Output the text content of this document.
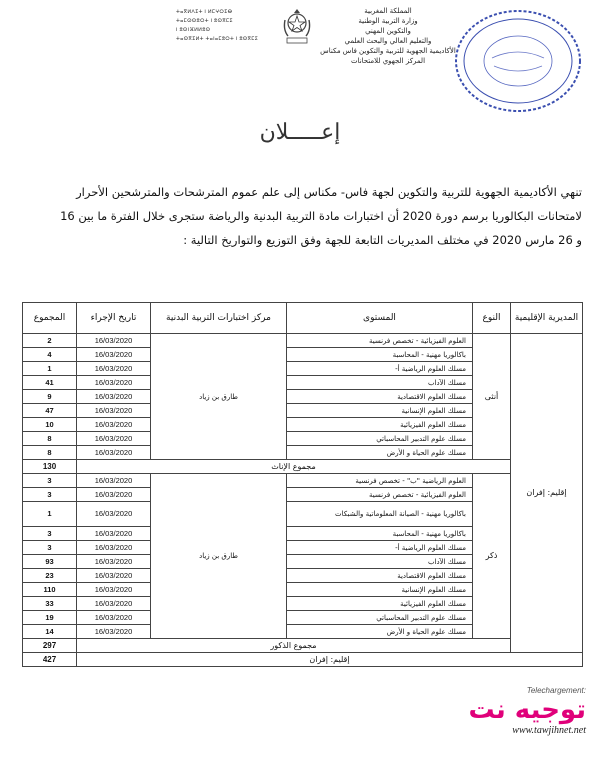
ⵜⴰⴳⵍⴷⵉⵜ ⵏ ⵍⵎⵖⵔⵉⴱ
ⵜⴰⵎⵙⵙⵓⵔⵜ ⵏ ⵓⵙⴳⵎⵉ
ⵏ ⵓⵙⵏⴼⵍⵍⵓⵙ
ⵜⴰⵙⴳⵉⵍⵜ ⵜⴰⵏⴰⵎⵓⵔⵜ ⵏ ⵓⵙⴳⵎⵉ
المملكة المغربية
وزارة التربية الوطنية
والتكوين المهني
والتعليم العالي والبحث العلمي
الأكاديمية الجهوية للتربية والتكوين فاس مكناس
المركز الجهوي للامتحانات
إعـــــلان

تنهي الأكاديمية الجهوية للتربية والتكوين لجهة فاس- مكناس إلى علم عموم المترشحات والمترشحين الأحرار

لامتحانات البكالوريا برسم دورة 2020 أن اختبارات مادة التربية البدنية والرياضة ستجرى خلال الفترة ما بين 16

و 26 مارس 2020 في مختلف المديريات التابعة للجهة وفق التوزيع والتواريخ التالية :

المديرية الإقليمية	النوع	المستوى	مركز اختبارات التربية البدنية	تاريخ الإجراء	المجموع
إقليم: إفران	أنثى	العلوم الفيزيائية - تخصص فرنسية	طارق بن زياد	16/03/2020	2
		باكالوريا مهنية - المحاسبة		16/03/2020	4
		مسلك العلوم الرياضية أ-		16/03/2020	1
		مسلك الآداب		16/03/2020	41
		مسلك العلوم الاقتصادية		16/03/2020	9
		مسلك العلوم الإنسانية		16/03/2020	47
		مسلك العلوم الفيزيائية		16/03/2020	10
		مسلك علوم التدبير المحاسباتي		16/03/2020	8
		مسلك علوم الحياة و الأرض		16/03/2020	8
	مجموع الإناث				130
	ذكر	العلوم الرياضية "ب" - تخصص فرنسية	طارق بن زياد	16/03/2020	3
		العلوم الفيزيائية - تخصص فرنسية		16/03/2020	3
		باكالوريا مهنية - الصيانة المعلوماتية والشبكات		16/03/2020	1
		باكالوريا مهنية - المحاسبة		16/03/2020	3
		مسلك العلوم الرياضية أ-		16/03/2020	3
		مسلك الآداب		16/03/2020	93
		مسلك العلوم الاقتصادية		16/03/2020	23
		مسلك العلوم الإنسانية		16/03/2020	110
		مسلك العلوم الفيزيائية		16/03/2020	33
		مسلك علوم التدبير المحاسباتي		16/03/2020	19
		مسلك علوم الحياة و الأرض		16/03/2020	14
	مجموع الذكور				297
إقليم: إفران					427
Telechargement:
توجيه نت
www.tawjihnet.net
